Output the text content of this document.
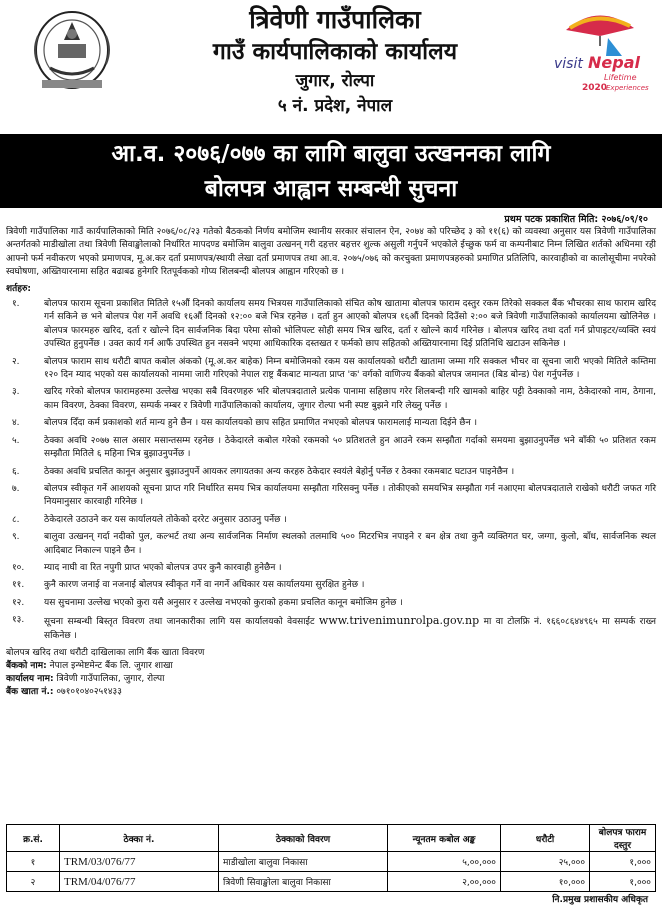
त्रिवेणी गाउँपालिका
गाउँ कार्यपालिकाको कार्यालय
जुगार, रोल्पा
५ नं. प्रदेश, नेपाल
visit Nepal
Lifetime
2020
Experiences
आ.व. २०७६/०७७ का लागि बालुवा उत्खननका लागि
बोलपत्र आह्वान सम्बन्धी सुचना
प्रथम पटक प्रकाशित मिति: २०७६/०९/१०

त्रिवेणी गाउँपालिका गाउँ कार्यपालिकाको मिति २०७६/०८/२३ गतेको बैठकको निर्णय बमोजिम स्थानीय सरकार संचालन ऐन, २०७४ को परिच्छेद ३ को ११(६) को व्यवस्था अनुसार यस त्रिवेणी गाउँपालिका अन्तर्गतको माडीखोला तथा त्रिवेणी सिवाङ्खोलाको निर्धारित मापदण्ड बमोजिम बालुवा उत्खनन् गरी दहत्तर बहत्तर शुल्क असुली गर्नुपर्ने भएकोले ईच्छुक फर्म वा कम्पनीबाट निम्न लिखित शर्तको अधिनमा रही आफ्नो फर्म नवीकरण भएको प्रमाणपत्र, मू.अ.कर दर्ता प्रमाणपत्र/स्थायी लेखा दर्ता प्रमाणपत्र तथा आ.व. २०७५/०७६ को करचुक्ता प्रमाणपत्रहरुको प्रमाणित प्रतिलिपि, कारवाहीको वा कालोसूचीमा नपरेको स्वघोषणा, अख्तियारनामा सहित बढाबढ हुनेगरि रितपूर्वकको गोप्य शिलबन्दी बोलपत्र आह्वान गरिएको छ ।

शर्तहरु:
१.	बोलपत्र फाराम सूचना प्रकाशित मितिले १५औं दिनको कार्यालय समय भित्रयस गाउँपालिकाको संचित कोष खातामा बोलपत्र फाराम दस्तुर रकम तिरेको सक्कल बैंक भौचरका साथ फाराम खरिद गर्न सकिने छ भने बोलपत्र पेश गर्ने अवधि १६औं दिनको १२:०० बजे भित्र रहनेछ । दर्ता हुन आएको बोलपत्र १६औं दिनको दिउँसो २:०० बजे त्रिवेणी गाउँपालिकाको कार्यालयमा खोलिनेछ । बोलपत्र फारमहरु खरिद, दर्ता र खोल्ने दिन सार्वजनिक बिदा परेमा सोको भोलिपल्ट सोही समय भित्र खरिद, दर्ता र खोल्ने कार्य गरिनेछ । बोलपत्र खरिद तथा दर्ता गर्न प्रोपाइटर/व्यक्ति स्वयं उपस्थित हुनुपर्नेछ । उक्त कार्य गर्न आफैं उपस्थित हुन नसक्ने भएमा आधिकारिक दस्तखत र फर्मको छाप सहितको अख्तियारनामा दिई प्रतिनिधि खटाउन सकिनेछ ।
२.	बोलपत्र फाराम साथ धरौटी बापत कबोल अंकको (मू.अ.कर बाहेक) निम्न बमोजिमको रकम यस कार्यालयको धरौटी खातामा जम्मा गरि सक्कल भौचर वा सूचना जारी भएको मितिले कम्तिमा १२० दिन म्याद भएको यस कार्यालयको नाममा जारी गरिएको नेपाल राष्ट्र बैंकबाट मान्यता प्राप्त 'क' वर्गको वाणिज्य बैंकको बोलपत्र जमानत (बिड बोन्ड) पेश गर्नुपर्नेछ ।
३.	खरिद गरेको बोलपत्र फारामहरुमा उल्लेख भएका सबै विवरणहरु भरि बोलपत्रदाताले प्रत्येक पानामा सहिछाप गरेर शिलबन्दी गरि खामको बाहिर पट्टी ठेक्काको नाम, ठेकेदारको नाम, ठेगाना, काम विवरण, ठेक्का विवरण, सम्पर्क नम्बर र त्रिवेणी गाउँपालिकाको कार्यालय, जुगार रोल्पा भनी स्पष्ट बुझने गरि लेख्नु पर्नेछ ।
४.	बोलपत्र दिँदा कर्म प्रकाशको शर्त मान्य हुने छैन । यस कार्यालयको छाप सहित प्रमाणित नभएको बोलपत्र फारामलाई मान्यता दिईने छैन ।
५.	ठेक्का अवधि २०७७ साल असार मसान्तसम्म रहनेछ । ठेकेदारले कबोल गरेको रकमको ५० प्रतिशतले हुन आउने रकम सम्झौता गर्दाको समयमा बुझाउनुपर्नेछ भने बाँकी ५० प्रतिशत रकम सम्झौता मितिले ६ महिना भित्र बुझाउनुपर्नेछ ।
६.	ठेक्का अवधि प्रचलित कानून अनुसार बुझाउनुपर्ने आयकर लगायतका अन्य करहरु ठेकेदार स्वयंले बेहोर्नु पर्नेछ र ठेक्का रकमबाट घटाउन पाइनेछैन ।
७.	बोलपत्र स्वीकृत गर्ने आशयको सूचना प्राप्त गरि निर्धारित समय भित्र कार्यालयमा सम्झौता गरिसक्नु पर्नेछ । तोकीएको समयभित्र सम्झौता गर्न नआएमा बोलपत्रदाताले राखेको धरौटी जफत गरि नियमानुसार कारवाही गरिनेछ ।
८.	ठेकेदारले उठाउने कर यस कार्यालयले तोकेको दररेट अनुसार उठाउनु पर्नेछ ।
९.	बालुवा उत्खनन् गर्दा नदीको पुल, कल्भर्ट तथा अन्य सार्वजनिक निर्माण स्थलको तलमाथि ५०० मिटरभित्र नपाइने र बन क्षेत्र तथा कुनै व्यक्तिगत घर, जग्गा, कुलो, बाँध, सार्वजनिक स्थल आदिबाट निकाल्न पाइने छैन ।
१०. म्याद नाघी वा रित नपुगी प्राप्त भएको बोलपत्र उपर कुनै कारवाही हुनेछैन ।
११. कुनै कारण जनाई वा नजनाई बोलपत्र स्वीकृत गर्ने वा नगर्ने अधिकार यस कार्यालयमा सुरक्षित हुनेछ ।
१२. यस सुचनामा उल्लेख भएको कुरा यसै अनुसार र उल्लेख नभएको कुराको हकमा प्रचलित कानून बमोजिम हुनेछ ।
१३. सूचना सम्बन्धी बिस्तृत विवरण तथा जानकारीका लागि यस कार्यालयको वेवसाईट www.trivenimunrolpa.gov.np मा वा टोलफ्रि नं. १६६०८६४४९६५ मा सम्पर्क राख्न सकिनेछ ।
बोलपत्र खरिद तथा धरौटी दाखिलाका लागि बैंक खाता विवरण
बैंकको नाम: नेपाल इन्भेष्टमेन्ट बैंक लि. जुगार शाखा
कार्यालय नाम: त्रिवेणी गाउँपालिका, जुगार, रोल्पा
बैंक खाता नं.: ०७१०१०४०२५१४३३
क्र.सं.	ठेक्का नं.	ठेक्काको विवरण	न्यूनतम कबोल अङ्क	धरौटी	बोलपत्र फाराम दस्तुर
१	TRM/03/076/77	माडीखोला बालुवा निकासा	५,००,०००	२५,०००	१,०००
२	TRM/04/076/77	त्रिवेणी सिवाङ्खोला बालुवा निकासा	२,००,०००	१०,०००	१,०००
नि.प्रमुख प्रशासकीय अधिकृत
